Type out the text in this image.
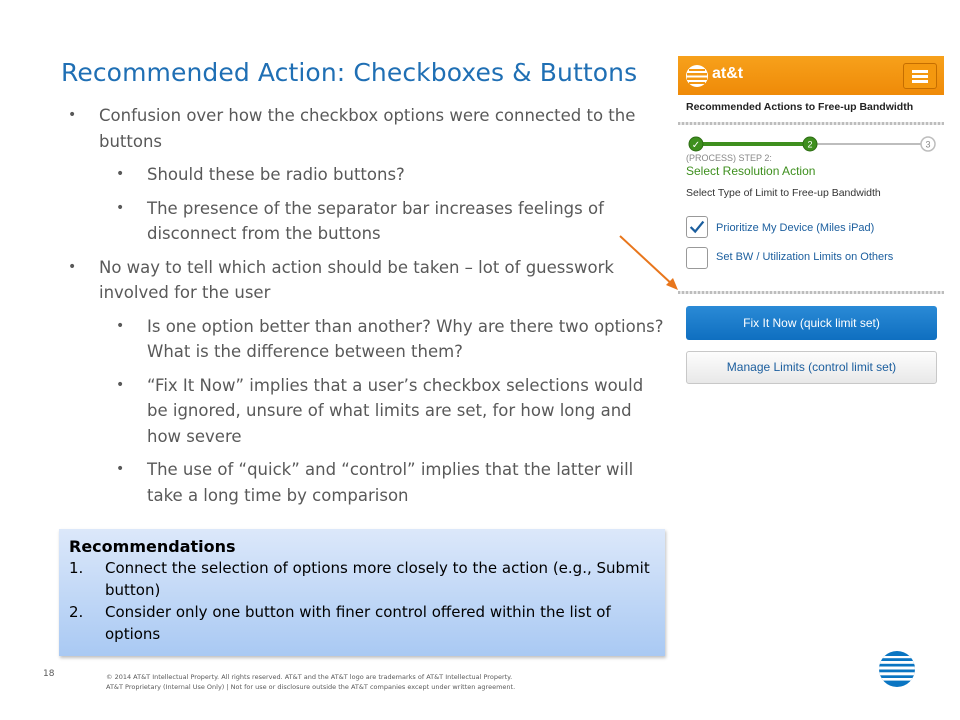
Recommended Action: Checkboxes & Buttons
• Confusion over how the checkbox options were connected to the buttons
• Should these be radio buttons?
• The presence of the separator bar increases feelings of disconnect from the buttons
• No way to tell which action should be taken – lot of guesswork involved for the user
• Is one option better than another? Why are there two options? What is the difference between them?
• “Fix It Now” implies that a user’s checkbox selections would be ignored, unsure of what limits are set, for how long and how severe
• The use of “quick” and “control” implies that the latter will take a long time by comparison
Recommendations
1. Connect the selection of options more closely to the action (e.g., Submit button)
2. Consider only one button with finer control offered within the list of options
at&t
Recommended Actions to Free-up Bandwidth
✓	2	3
(PROCESS) STEP 2:
Select Resolution Action
Select Type of Limit to Free-up Bandwidth
Prioritize My Device (Miles iPad)
Set BW / Utilization Limits on Others
Fix It Now (quick limit set)
Manage Limits (control limit set)
18	© 2014 AT&T Intellectual Property. All rights reserved. AT&T and the AT&T logo are trademarks of AT&T Intellectual Property.
AT&T Proprietary (Internal Use Only) | Not for use or disclosure outside the AT&T companies except under written agreement.
